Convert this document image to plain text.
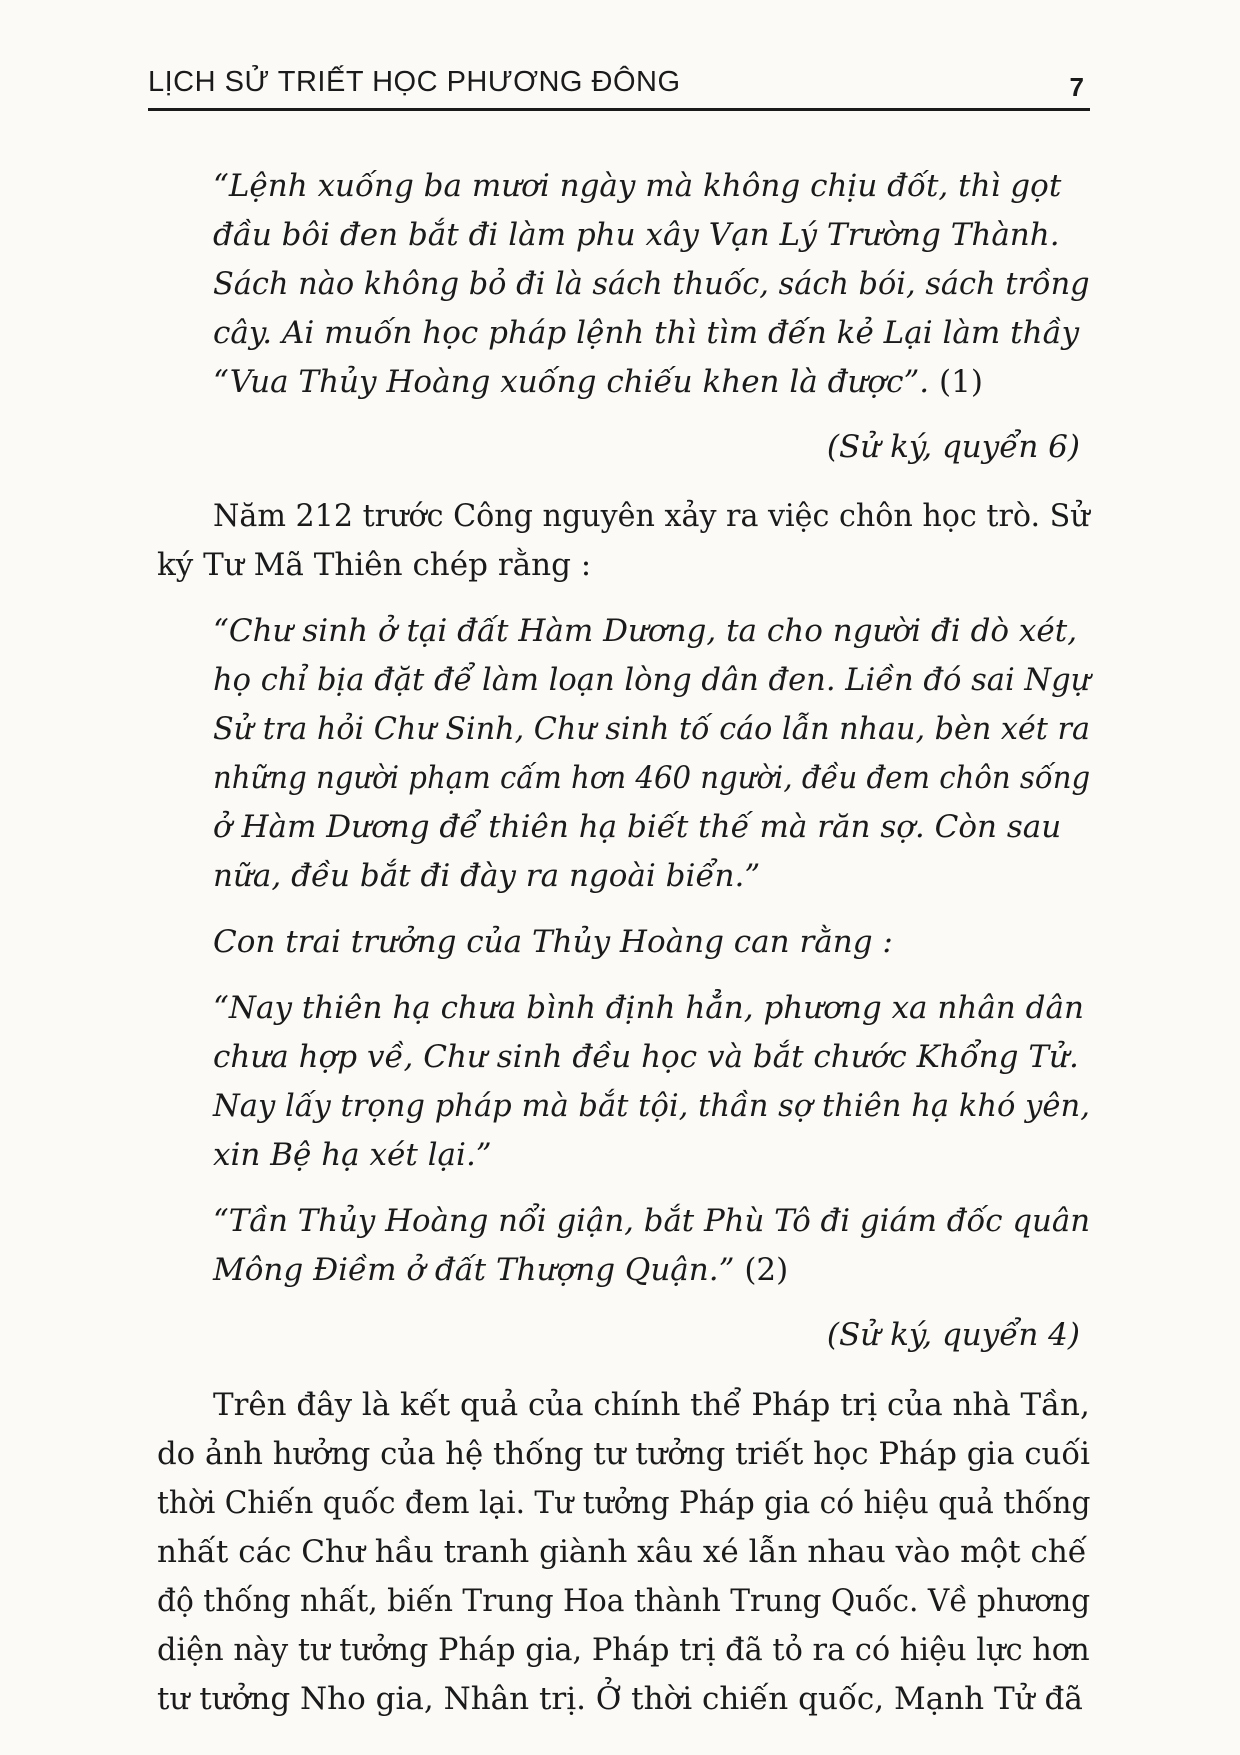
LỊCH SỬ TRIẾT HỌC PHƯƠNG ĐÔNG	7
“Lệnh xuống ba mươi ngày mà không chịu đốt, thì gọt
đầu bôi đen bắt đi làm phu xây Vạn Lý Trường Thành.
Sách nào không bỏ đi là sách thuốc, sách bói, sách trồng
cây. Ai muốn học pháp lệnh thì tìm đến kẻ Lại làm thầy
“Vua Thủy Hoàng xuống chiếu khen là được”. (1)
(Sử ký, quyển 6)
Năm 212 trước Công nguyên xảy ra việc chôn học trò. Sử
ký Tư Mã Thiên chép rằng :
“Chư sinh ở tại đất Hàm Dương, ta cho người đi dò xét,
họ chỉ bịa đặt để làm loạn lòng dân đen. Liền đó sai Ngự
Sử tra hỏi Chư Sinh, Chư sinh tố cáo lẫn nhau, bèn xét ra
những người phạm cấm hơn 460 người, đều đem chôn sống
ở Hàm Dương để thiên hạ biết thế mà răn sợ. Còn sau
nữa, đều bắt đi đày ra ngoài biển.”
Con trai trưởng của Thủy Hoàng can rằng :
“Nay thiên hạ chưa bình định hẳn, phương xa nhân dân
chưa hợp về, Chư sinh đều học và bắt chước Khổng Tử.
Nay lấy trọng pháp mà bắt tội, thần sợ thiên hạ khó yên,
xin Bệ hạ xét lại.”
“Tần Thủy Hoàng nổi giận, bắt Phù Tô đi giám đốc quân
Mông Điềm ở đất Thượng Quận.” (2)
(Sử ký, quyển 4)
Trên đây là kết quả của chính thể Pháp trị của nhà Tần,
do ảnh hưởng của hệ thống tư tưởng triết học Pháp gia cuối
thời Chiến quốc đem lại. Tư tưởng Pháp gia có hiệu quả thống
nhất các Chư hầu tranh giành xâu xé lẫn nhau vào một chế
độ thống nhất, biến Trung Hoa thành Trung Quốc. Về phương
diện này tư tưởng Pháp gia, Pháp trị đã tỏ ra có hiệu lực hơn
tư tưởng Nho gia, Nhân trị. Ở thời chiến quốc, Mạnh Tử đã
